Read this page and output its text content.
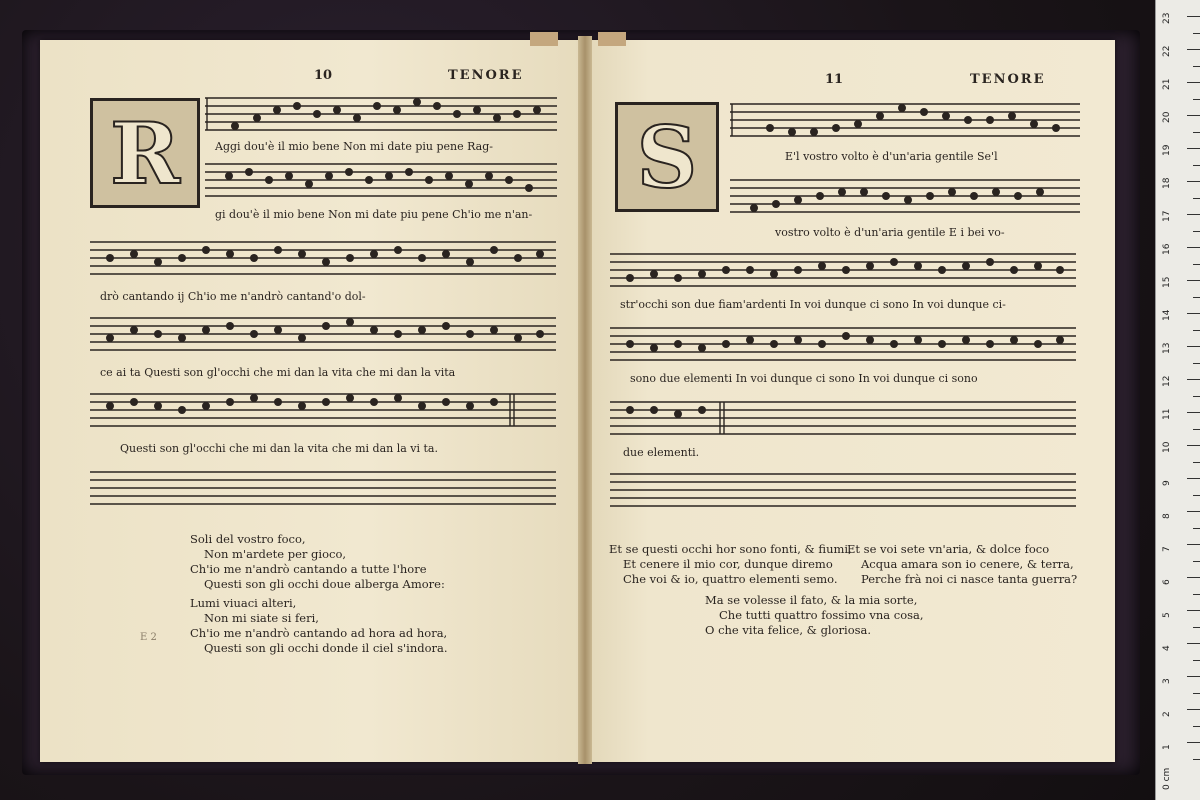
10	TENORE
R	Aggi dou'è il mio bene Non mi date piu pene Rag-
gi dou'è il mio bene Non mi date piu pene Ch'io me n'an-
drò cantando ij Ch'io me n'andrò cantand'o dol-
ce ai ta Questi son gl'occhi che mi dan la vita che mi dan la vita
Questi son gl'occhi che mi dan la vita che mi dan la vi ta.
Soli del vostro foco,
Non m'ardete per gioco,
Ch'io me n'andrò cantando a tutte l'hore
Questi son gli occhi doue alberga Amore:
Lumi viuaci alteri,
Non mi siate si feri,
Ch'io me n'andrò cantando ad hora ad hora,
Questi son gli occhi donde il ciel s'indora.
E 2
11	TENORE
S	E'l vostro volto è d'un'aria gentile Se'l
vostro volto è d'un'aria gentile E i bei vo-
str'occhi son due fiam'ardenti In voi dunque ci sono In voi dunque ci-
sono due elementi In voi dunque ci sono In voi dunque ci sono
due elementi.
Et se questi occhi hor sono fonti, & fiumi,
Et cenere il mio cor, dunque diremo
Che voi & io, quattro elementi semo.
Et se voi sete vn'aria, & dolce foco
Acqua amara son io cenere, & terra,
Perche frà noi ci nasce tanta guerra?
Ma se volesse il fato, & la mia sorte,
Che tutti quattro fossimo vna cosa,
O che vita felice, & gloriosa.
0 cm
1
2
3
4
5
6
7
8
9
10
11
12
13
14
15
16
17
18
19
20
21
22
23
